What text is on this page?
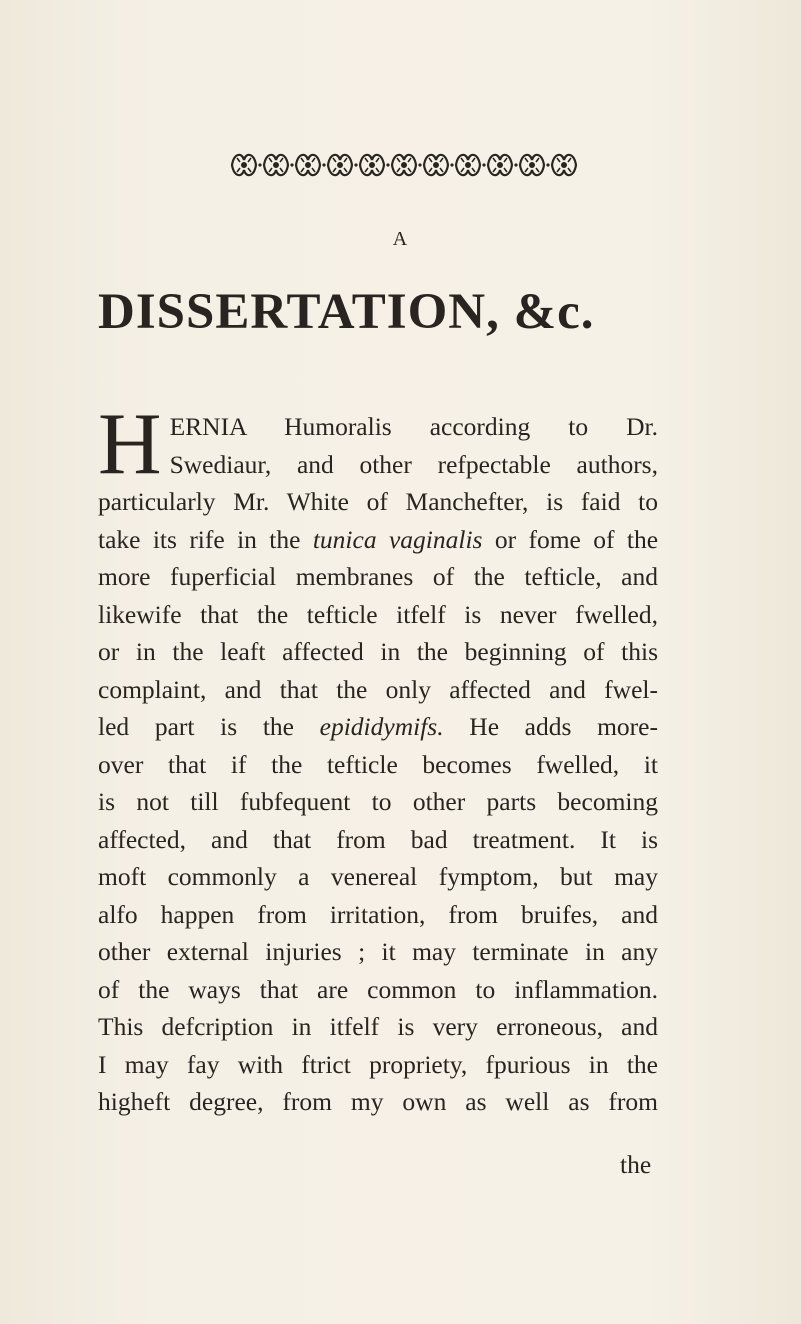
A
DISSERTATION, &c.
H ERNIA Humoralis according to Dr.
Swediaur, and other refpectable authors,
particularly Mr. White of Manchefter, is faid to
take its rife in the tunica vaginalis or fome of the
more fuperficial membranes of the tefticle, and
likewife that the tefticle itfelf is never fwelled,
or in the leaft affected in the beginning of this
complaint, and that the only affected and fwel-
led part is the epididymifs. He adds more-
over that if the tefticle becomes fwelled, it
is not till fubfequent to other parts becoming
affected, and that from bad treatment. It is
moft commonly a venereal fymptom, but may
alfo happen from irritation, from bruifes, and
other external injuries ; it may terminate in any
of the ways that are common to inflammation.
This defcription in itfelf is very erroneous, and
I may fay with ftrict propriety, fpurious in the
higheft degree, from my own as well as from
the
